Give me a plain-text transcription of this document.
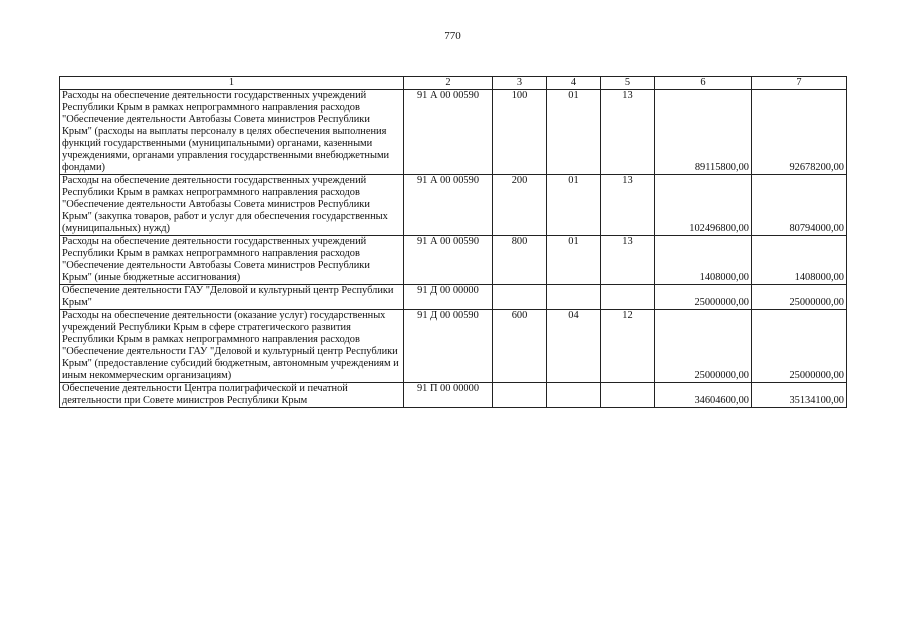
770
1	2	3	4	5	6	7
Расходы на обеспечение деятельности государственных учреждений Республики Крым в рамках непрограммного направления расходов "Обеспечение деятельности Автобазы Совета министров Республики Крым" (расходы на выплаты персоналу в целях обеспечения выполнения функций государственными (муниципальными) органами, казенными учреждениями, органами управления государственными внебюджетными фондами)	91 А 00 00590	100	01	13	89115800,00	92678200,00
Расходы на обеспечение деятельности государственных учреждений Республики Крым в рамках непрограммного направления расходов "Обеспечение деятельности Автобазы Совета министров Республики Крым" (закупка товаров, работ и услуг для обеспечения государственных (муниципальных) нужд)	91 А 00 00590	200	01	13	102496800,00	80794000,00
Расходы на обеспечение деятельности государственных учреждений Республики Крым в рамках непрограммного направления расходов "Обеспечение деятельности Автобазы Совета министров Республики Крым" (иные бюджетные ассигнования)	91 А 00 00590	800	01	13	1408000,00	1408000,00
Обеспечение деятельности ГАУ "Деловой и культурный центр Республики Крым"	91 Д 00 00000				25000000,00	25000000,00
Расходы на обеспечение деятельности (оказание услуг) государственных учреждений Республики Крым в сфере стратегического развития Республики Крым в рамках непрограммного направления расходов "Обеспечение деятельности ГАУ "Деловой и культурный центр Республики Крым" (предоставление субсидий бюджетным, автономным учреждениям и иным некоммерческим организациям)	91 Д 00 00590	600	04	12	25000000,00	25000000,00
Обеспечение деятельности Центра полиграфической и печатной деятельности при Совете министров Республики Крым	91 П 00 00000				34604600,00	35134100,00
